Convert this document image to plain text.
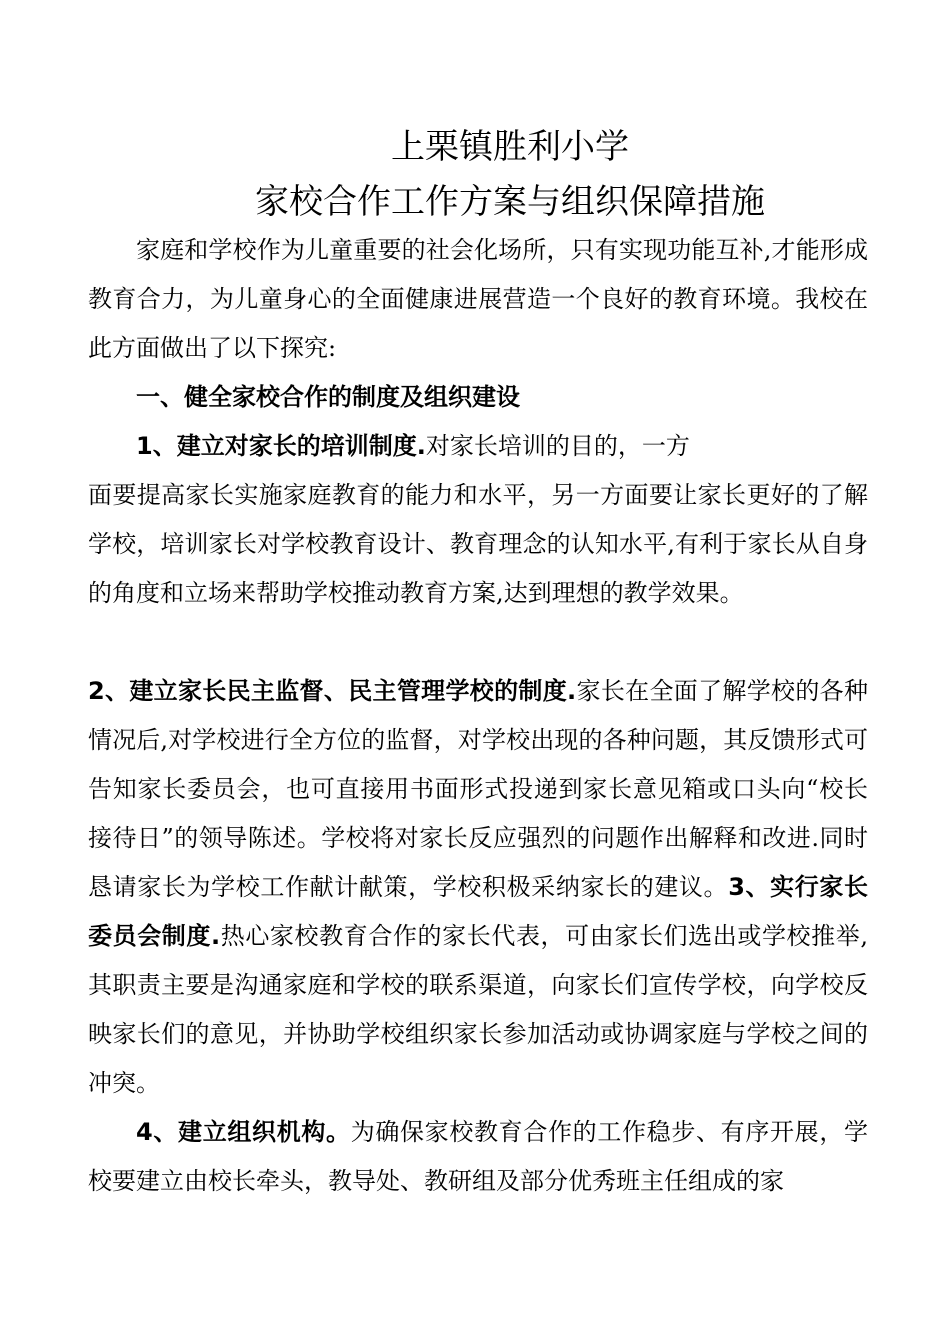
上栗镇胜利小学
家校合作工作方案与组织保障措施

家庭和学校作为儿童重要的社会化场所，只有实现功能互补,才能形成教育合力，为儿童身心的全面健康进展营造一个良好的教育环境。我校在此方面做出了以下探究:

一、健全家校合作的制度及组织建设
1、建立对家长的培训制度.对家长培训的目的，一方

面要提高家长实施家庭教育的能力和水平，另一方面要让家长更好的了解学校，培训家长对学校教育设计、教育理念的认知水平,有利于家长从自身的角度和立场来帮助学校推动教育方案,达到理想的教学效果。

2、建立家长民主监督、民主管理学校的制度.家长在全面了解学校的各种情况后,对学校进行全方位的监督，对学校出现的各种问题，其反馈形式可告知家长委员会，也可直接用书面形式投递到家长意见箱或口头向“校长接待日”的领导陈述。学校将对家长反应强烈的问题作出解释和改进.同时恳请家长为学校工作献计献策，学校积极采纳家长的建议。3、实行家长委员会制度.热心家校教育合作的家长代表，可由家长们选出或学校推举,其职责主要是沟通家庭和学校的联系渠道，向家长们宣传学校，向学校反映家长们的意见，并协助学校组织家长参加活动或协调家庭与学校之间的冲突。

4、建立组织机构。为确保家校教育合作的工作稳步、有序开展，学校要建立由校长牵头，教导处、教研组及部分优秀班主任组成的家
